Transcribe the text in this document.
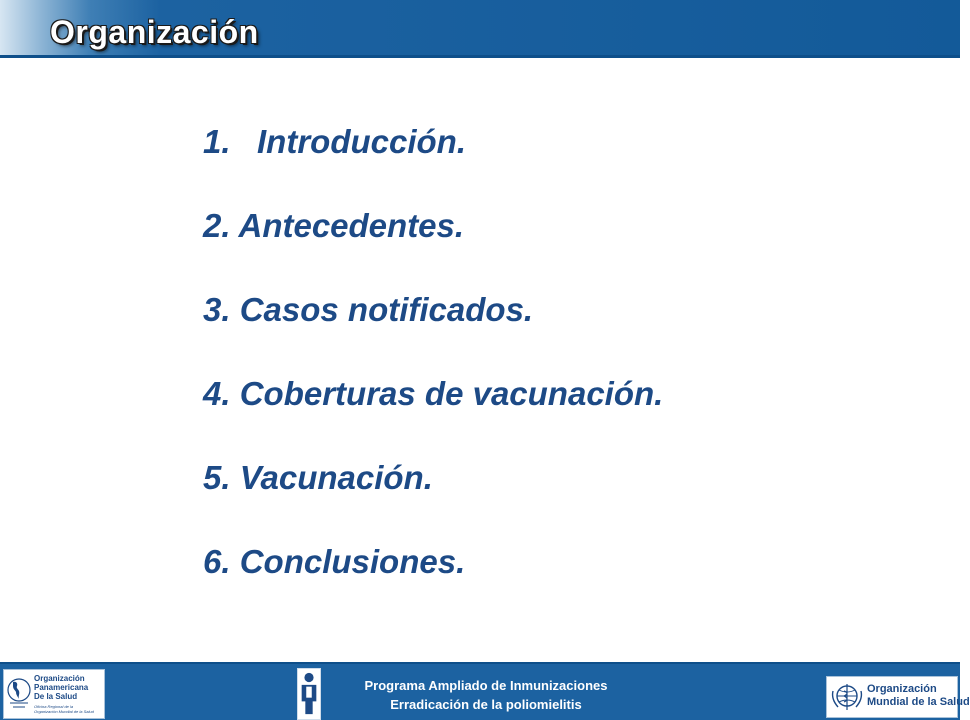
Organización
1. Introducción.
2. Antecedentes.
3. Casos notificados.
4. Coberturas de vacunación.
5. Vacunación.
6. Conclusiones.
Organización
Panamericana
De la Salud
Oficina Regional de la
Organización Mundial de la Salud
Programa Ampliado de Inmunizaciones
Erradicación de la poliomielitis
Organización
Mundial de la Salud
